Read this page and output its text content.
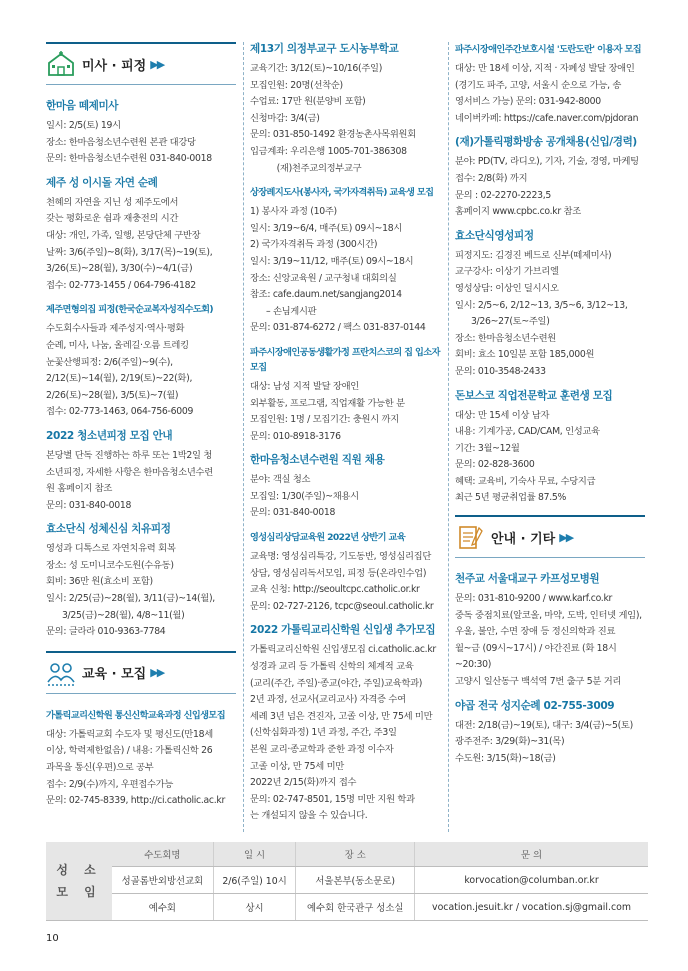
미사 · 피정 ▶▶
한마음 떼제미사

일시: 2/5(토) 19시
장소: 한마음청소년수련원 본관 대강당
문의: 한마음청소년수련원 031-840-0018

제주 성 이시돌 자연 순례

천혜의 자연을 지닌 성 제주도에서
갖는 평화로운 쉼과 재충전의 시간
대상: 개인, 가족, 일행, 본당단체 구반장
날짜: 3/6(주일)~8(화), 3/17(목)~19(토),
3/26(토)~28(월), 3/30(수)~4/1(금)
접수: 02-773-1455 / 064-796-4182

제주면형의집 피정(한국순교복자성직수도회)

수도회수사들과 제주성지·역사·평화
순례, 미사, 나눔, 올레길·오름 트레킹
눈꽃산행피정: 2/6(주일)~9(수),
2/12(토)~14(월), 2/19(토)~22(화),
2/26(토)~28(월), 3/5(토)~7(월)
접수: 02-773-1463, 064-756-6009

2022 청소년피정 모집 안내

본당별 단독 진행하는 하루 또는 1박2일 청
소년피정, 자세한 사항은 한마음청소년수련
원 홈페이지 참조
문의: 031-840-0018

효소단식 성체신심 치유피정

영성과 디톡스로 자연치유력 회복
장소: 성 도미니코수도원(수유동)
회비: 36만 원(효소비 포함)
일시: 2/25(금)~28(월), 3/11(금)~14(월),
3/25(금)~28(월), 4/8~11(월)
문의: 글라라 010-9363-7784

교육 · 모집 ▶▶
가톨릭교리신학원 통신신학교육과정 신입생모집

대상: 가톨릭교회 수도자 및 평신도(만18세
이상, 학력제한없음) / 내용: 가톨릭신학 26
과목을 통신(우편)으로 공부
접수: 2/9(수)까지, 우편접수가능
문의: 02-745-8339, http://ci.catholic.ac.kr

제13기 의정부교구 도시농부학교

교육기간: 3/12(토)~10/16(주일)
모집인원: 20명(선착순)
수업료: 17만 원(분양비 포함)
신청마감: 3/4(금)
문의: 031-850-1492 환경농촌사목위원회
입금계좌: 우리은행 1005-701-386308
(재)천주교의정부교구

상장례지도사(봉사자, 국가자격취득) 교육생 모집

1) 봉사자 과정 (10주)
일시: 3/19~6/4, 매주(토) 09시~18시
2) 국가자격취득 과정 (300시간)
일시: 3/19~11/12, 매주(토) 09시~18시
장소: 신앙교육원 / 교구청내 대회의실
참조: cafe.daum.net/sangjang2014
– 손님게시판
문의: 031-874-6272 / 팩스 031-837-0144

파주시장애인공동생활가정 프란치스코의 집 입소자 모집

대상: 남성 지적 발달 장애인
외부활동, 프로그램, 직업재활 가능한 분
모집인원: 1명 / 모집기간: 충원시 까지
문의: 010-8918-3176

한마음청소년수련원 직원 채용

분야: 객실 청소
모집일: 1/30(주일)~채용시
문의: 031-840-0018

영성심리상담교육원 2022년 상반기 교육

교육명: 영성심리특강, 기도동반, 영성심리집단
상담, 영성심리독서모임, 피정 등(온라인수업)
교육 신청: http://seoultcpc.catholic.or.kr
문의: 02-727-2126, tcpc@seoul.catholic.kr

2022 가톨릭교리신학원 신입생 추가모집

가톨릭교리신학원 신입생모집 ci.catholic.ac.kr
성경과 교리 등 가톨릭 신학의 체계적 교육
(교리(주간, 주일)·종교(야간, 주일)교육학과)
2년 과정, 선교사(교리교사) 자격증 수여
세례 3년 넘은 견진자, 고졸 이상, 만 75세 미만
(신학심화과정) 1년 과정, 주간, 주3일
본원 교리·종교학과 준한 과정 이수자
고졸 이상, 만 75세 미만
2022년 2/15(화)까지 접수
문의: 02-747-8501, 15명 미만 지원 학과
는 개설되지 않을 수 있습니다.

파주시장애인주간보호시설 '도란도란' 이용자 모집

대상: 만 18세 이상, 지적 · 자폐성 발달 장애인
(경기도 파주, 고양, 서울시 순으로 가능, 송
영서비스 가능) 문의: 031-942-8000
네이버카페: https://cafe.naver.com/pjdoran

(재)가톨릭평화방송 공개채용(신입/경력)

분야: PD(TV, 라디오), 기자, 기술, 경영, 마케팅
접수: 2/8(화) 까지
문의 : 02-2270-2223,5
홈페이지 www.cpbc.co.kr 참조

효소단식영성피정

피정지도: 김경진 베드로 신부(떼제미사)
교구강사: 이상기 가브리엘
영성상담: 이상인 딜시시오
일시: 2/5~6, 2/12~13, 3/5~6, 3/12~13,
3/26~27(토~주일)
장소: 한마음청소년수련원
회비: 효소 10일분 포함 185,000원
문의: 010-3548-2433

돈보스코 직업전문학교 훈련생 모집

대상: 만 15세 이상 남자
내용: 기계가공, CAD/CAM, 인성교육
기간: 3월~12월
문의: 02-828-3600
혜택: 교육비, 기숙사 무료, 수당지급
최근 5년 평균취업률 87.5%

안내 · 기타 ▶▶
천주교 서울대교구 카프성모병원

문의: 031-810-9200 / www.karf.co.kr
중독 중점치료(알코올, 마약, 도박, 인터넷 게임),
우울, 불안, 수면 장애 등 정신의학과 진료
월~금 (09시~17시) / 야간진료 (화 18시~20:30)
고양시 일산동구 백석역 7번 출구 5분 거리

야곱 전국 성지순례 02-755-3009

대전: 2/18(금)~19(토), 대구: 3/4(금)~5(토)
광주전주: 3/29(화)~31(목)
수도원: 3/15(화)~18(금)

성 소
모 임	수도회명	일 시	장 소	문 의
	성골롬반외방선교회	2/6(주일) 10시	서울본부(동소문로)	korvocation@columban.or.kr
	예수회	상시	예수회 한국관구 성소실	vocation.jesuit.kr / vocation.sj@gmail.com
10
